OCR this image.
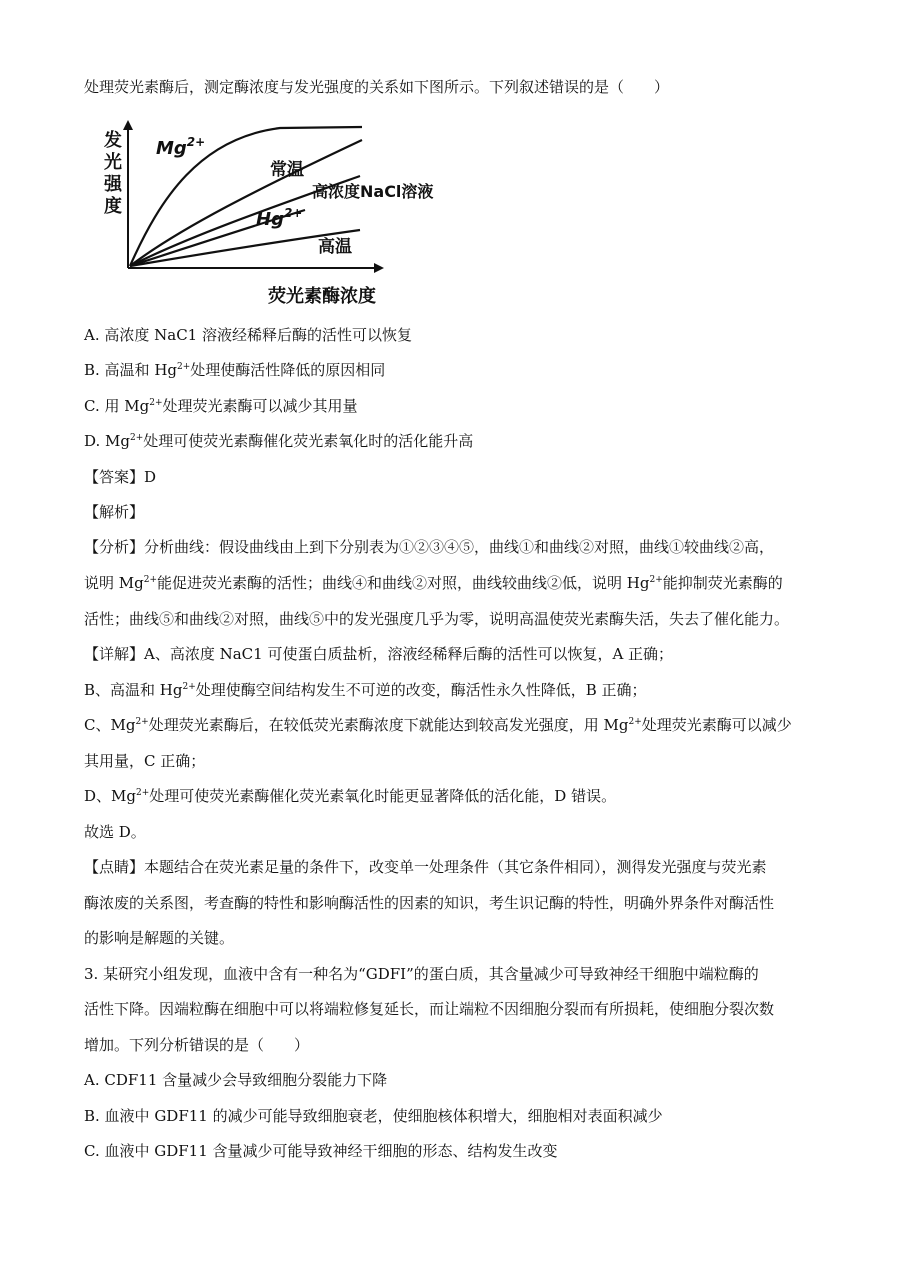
处理荧光素酶后，测定酶浓度与发光强度的关系如下图所示。下列叙述错误的是（　　）
发
光
强
度
$Mg^{2+}$
常温
高浓度NaCl溶液
$Hg^{2+}$
高温
荧光素酶浓度
A. 高浓度 NaC1 溶液经稀释后酶的活性可以恢复
B. 高温和 $Hg^{2+}$处理使酶活性降低的原因相同
C. 用 $Mg^{2+}$处理荧光素酶可以减少其用量
D. $Mg^{2+}$处理可使荧光素酶催化荧光素氧化时的活化能升高
【答案】D
【解析】
【分析】分析曲线：假设曲线由上到下分别表为①②③④⑤，曲线①和曲线②对照，曲线①较曲线②高，
说明 $Mg^{2+}$能促进荧光素酶的活性；曲线④和曲线②对照，曲线较曲线②低，说明 $Hg^{2+}$能抑制荧光素酶的
活性；曲线⑤和曲线②对照，曲线⑤中的发光强度几乎为零，说明高温使荧光素酶失活，失去了催化能力。
【详解】A、高浓度 NaC1 可使蛋白质盐析，溶液经稀释后酶的活性可以恢复，A 正确；
B、高温和 $Hg^{2+}$处理使酶空间结构发生不可逆的改变，酶活性永久性降低，B 正确；
C、$Mg^{2+}$处理荧光素酶后，在较低荧光素酶浓度下就能达到较高发光强度，用 $Mg^{2+}$处理荧光素酶可以减少
其用量，C 正确；
D、$Mg^{2+}$处理可使荧光素酶催化荧光素氧化时能更显著降低的活化能，D 错误。
故选 D。
【点睛】本题结合在荧光素足量的条件下，改变单一处理条件（其它条件相同），测得发光强度与荧光素
酶浓废的关系图，考查酶的特性和影响酶活性的因素的知识，考生识记酶的特性，明确外界条件对酶活性
的影响是解题的关键。
3. 某研究小组发现，血液中含有一种名为“GDFI”的蛋白质，其含量减少可导致神经干细胞中端粒酶的
活性下降。因端粒酶在细胞中可以将端粒修复延长，而让端粒不因细胞分裂而有所损耗，使细胞分裂次数
增加。下列分析错误的是（　　）
A. CDF11 含量减少会导致细胞分裂能力下降
B. 血液中 GDF11 的减少可能导致细胞衰老，使细胞核体积增大，细胞相对表面积减少
C. 血液中 GDF11 含量减少可能导致神经干细胞的形态、结构发生改变
